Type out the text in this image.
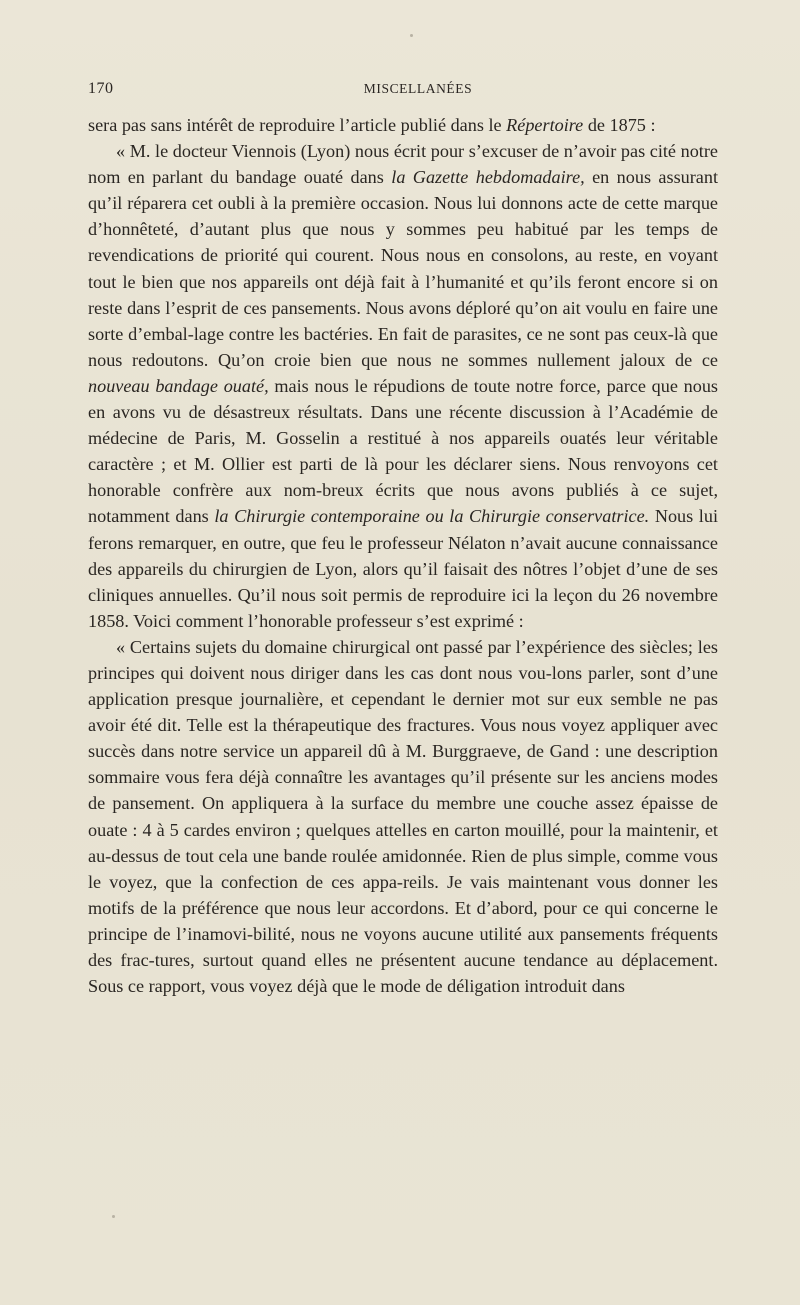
170	MISCELLANÉES

sera pas sans intérêt de reproduire l’article publié dans le Répertoire de 1875 :

« M. le docteur Viennois (Lyon) nous écrit pour s’excuser de n’avoir pas cité notre nom en parlant du bandage ouaté dans la Gazette hebdomadaire, en nous assurant qu’il réparera cet oubli à la première occasion. Nous lui donnons acte de cette marque d’honnêteté, d’autant plus que nous y sommes peu habitué par les temps de revendications de priorité qui courent. Nous nous en consolons, au reste, en voyant tout le bien que nos appareils ont déjà fait à l’humanité et qu’ils feront encore si on reste dans l’esprit de ces pansements. Nous avons déploré qu’on ait voulu en faire une sorte d’embal-lage contre les bactéries. En fait de parasites, ce ne sont pas ceux-là que nous redoutons. Qu’on croie bien que nous ne sommes nullement jaloux de ce nouveau bandage ouaté, mais nous le répudions de toute notre force, parce que nous en avons vu de désastreux résultats. Dans une récente discussion à l’Académie de médecine de Paris, M. Gosselin a restitué à nos appareils ouatés leur véritable caractère ; et M. Ollier est parti de là pour les déclarer siens. Nous renvoyons cet honorable confrère aux nom-breux écrits que nous avons publiés à ce sujet, notamment dans la Chirurgie contemporaine ou la Chirurgie conservatrice. Nous lui ferons remarquer, en outre, que feu le professeur Nélaton n’avait aucune connaissance des appareils du chirurgien de Lyon, alors qu’il faisait des nôtres l’objet d’une de ses cliniques annuelles. Qu’il nous soit permis de reproduire ici la leçon du 26 novembre 1858. Voici comment l’honorable professeur s’est exprimé :

« Certains sujets du domaine chirurgical ont passé par l’expérience des siècles; les principes qui doivent nous diriger dans les cas dont nous vou-lons parler, sont d’une application presque journalière, et cependant le dernier mot sur eux semble ne pas avoir été dit. Telle est la thérapeutique des fractures. Vous nous voyez appliquer avec succès dans notre service un appareil dû à M. Burggraeve, de Gand : une description sommaire vous fera déjà connaître les avantages qu’il présente sur les anciens modes de pansement. On appliquera à la surface du membre une couche assez épaisse de ouate : 4 à 5 cardes environ ; quelques attelles en carton mouillé, pour la maintenir, et au-dessus de tout cela une bande roulée amidonnée. Rien de plus simple, comme vous le voyez, que la confection de ces appa-reils. Je vais maintenant vous donner les motifs de la préférence que nous leur accordons. Et d’abord, pour ce qui concerne le principe de l’inamovi-bilité, nous ne voyons aucune utilité aux pansements fréquents des frac-tures, surtout quand elles ne présentent aucune tendance au déplacement. Sous ce rapport, vous voyez déjà que le mode de déligation introduit dans
